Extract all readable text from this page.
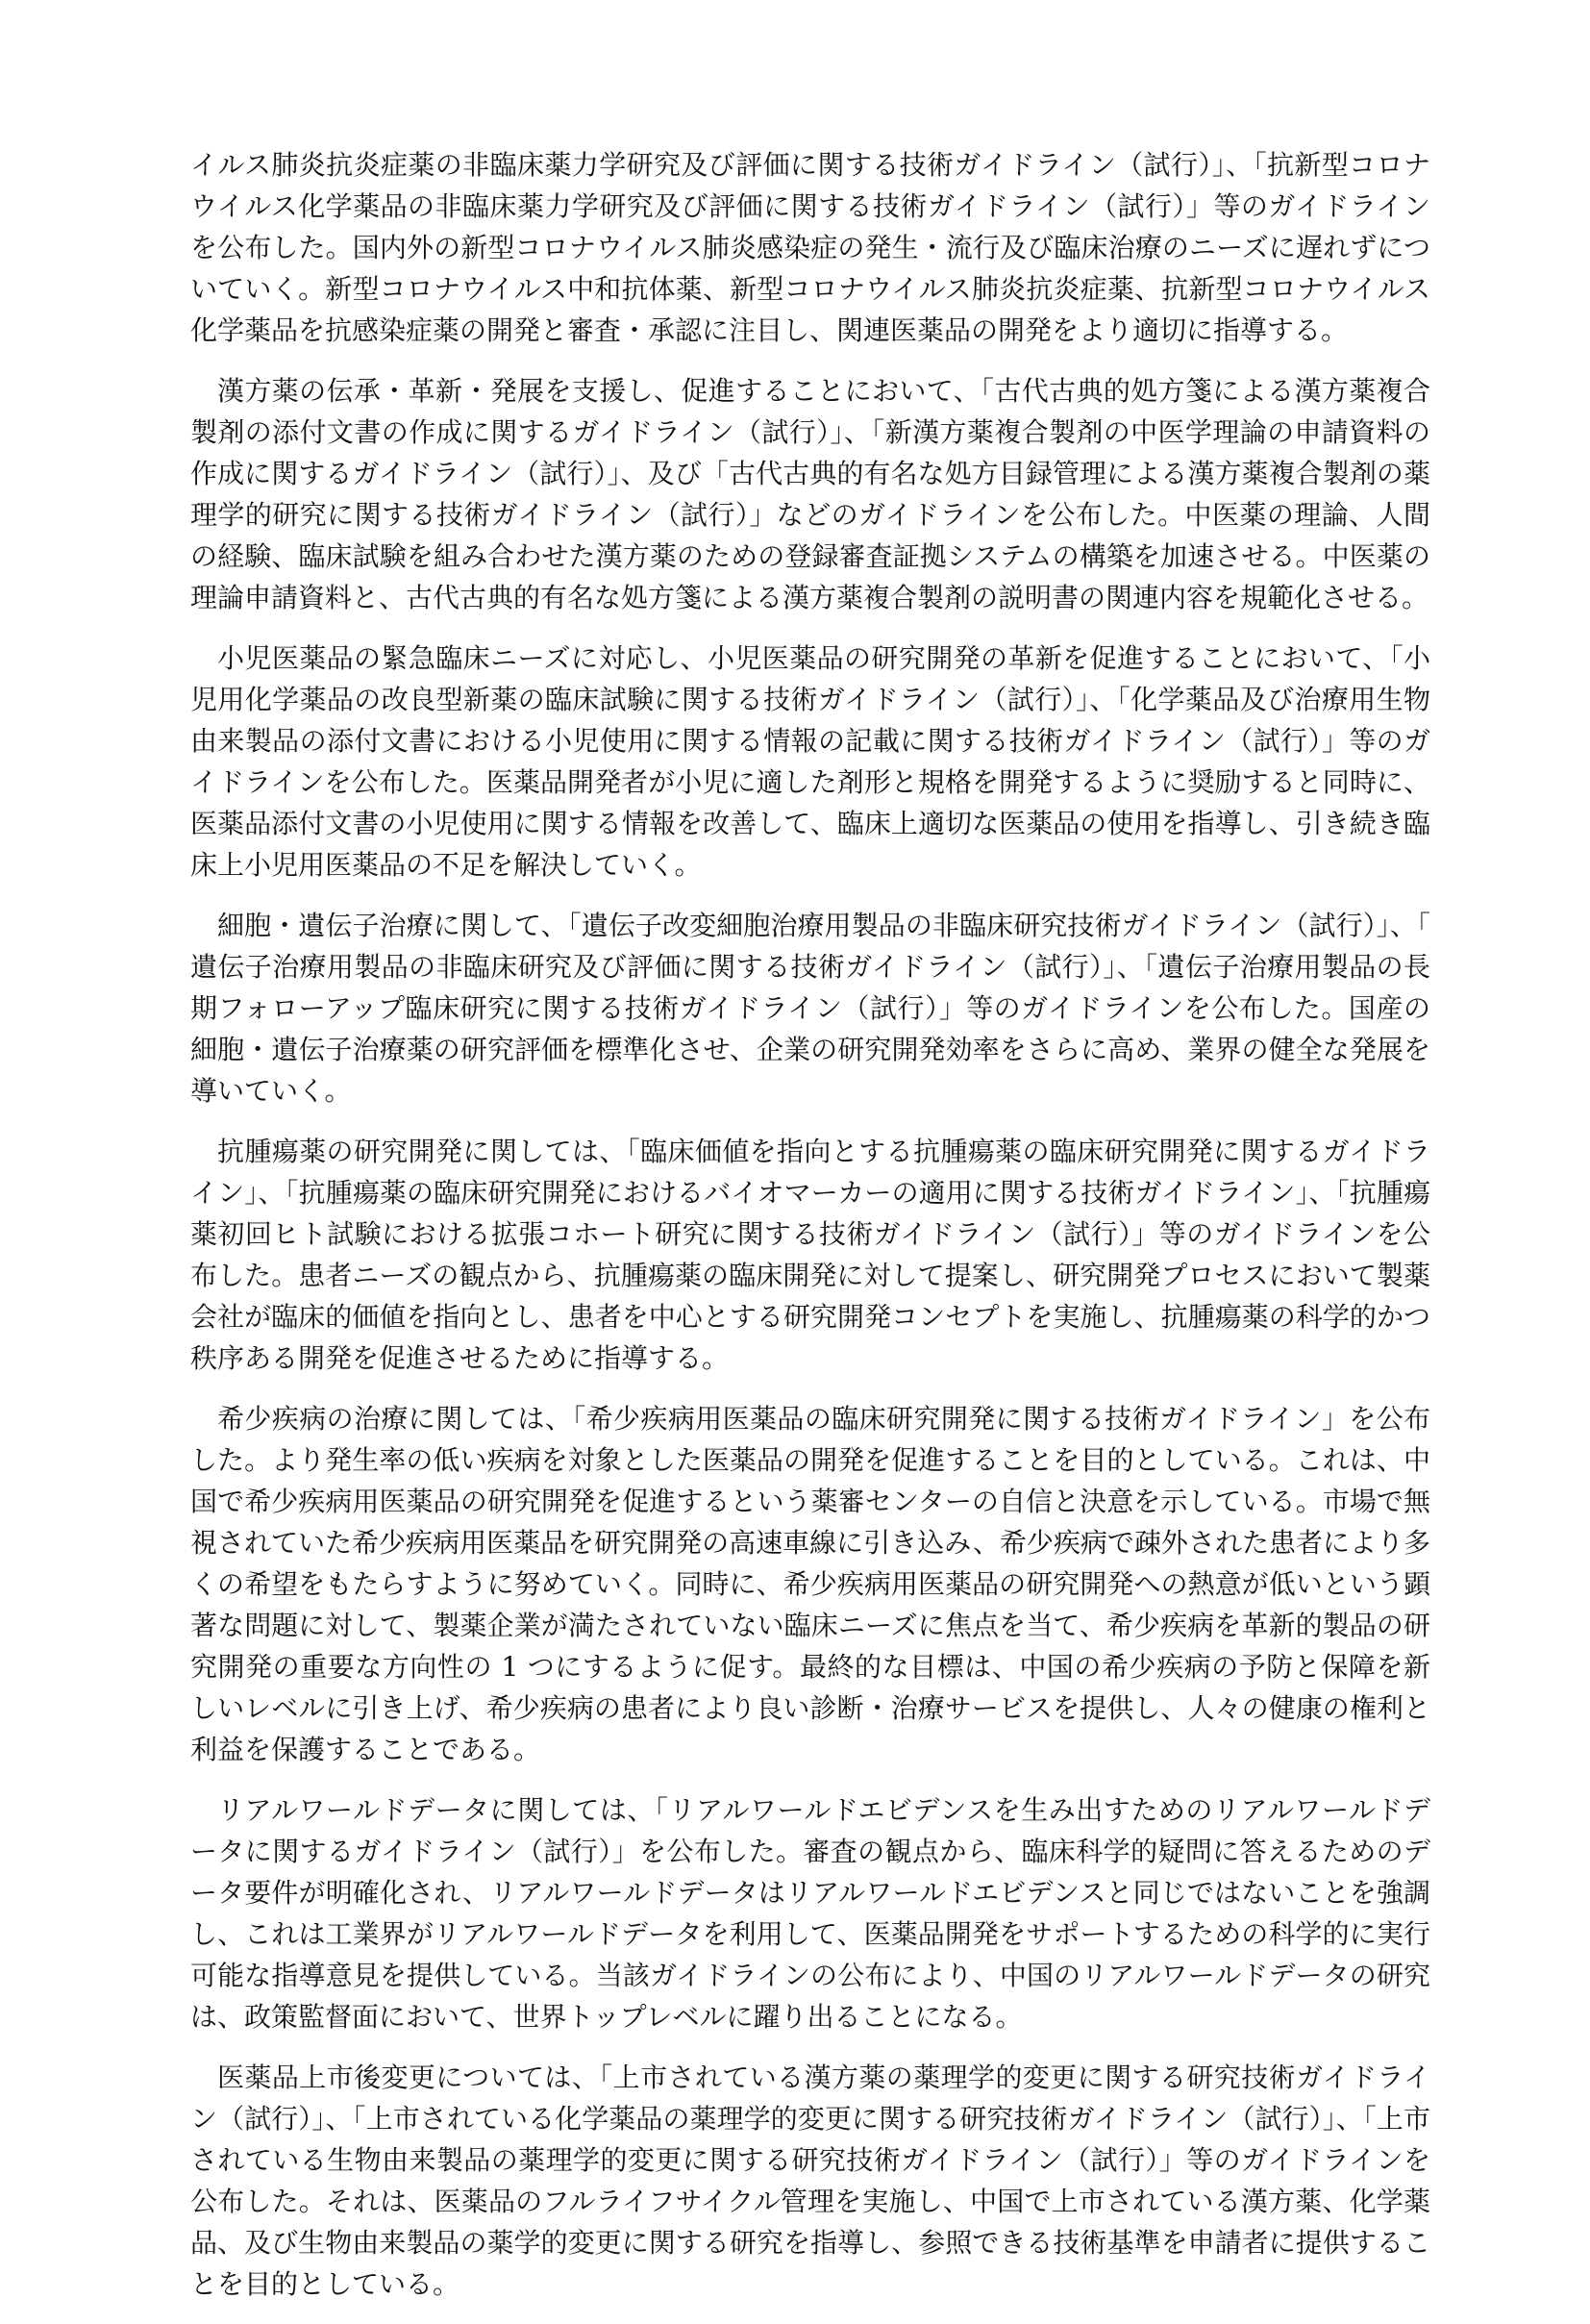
イルス肺炎抗炎症薬の非臨床薬力学研究及び評価に関する技術ガイドライン（試行）」、「抗新型コロナウイルス化学薬品の非臨床薬力学研究及び評価に関する技術ガイドライン（試行）」等のガイドラインを公布した。国内外の新型コロナウイルス肺炎感染症の発生・流行及び臨床治療のニーズに遅れずについていく。新型コロナウイルス中和抗体薬、新型コロナウイルス肺炎抗炎症薬、抗新型コロナウイルス化学薬品を抗感染症薬の開発と審査・承認に注目し、関連医薬品の開発をより適切に指導する。

漢方薬の伝承・革新・発展を支援し、促進することにおいて、「古代古典的処方箋による漢方薬複合製剤の添付文書の作成に関するガイドライン（試行）」、「新漢方薬複合製剤の中医学理論の申請資料の作成に関するガイドライン（試行）」、及び「古代古典的有名な処方目録管理による漢方薬複合製剤の薬理学的研究に関する技術ガイドライン（試行）」などのガイドラインを公布した。中医薬の理論、人間の経験、臨床試験を組み合わせた漢方薬のための登録審査証拠システムの構築を加速させる。中医薬の理論申請資料と、古代古典的有名な処方箋による漢方薬複合製剤の説明書の関連内容を規範化させる。

小児医薬品の緊急臨床ニーズに対応し、小児医薬品の研究開発の革新を促進することにおいて、「小児用化学薬品の改良型新薬の臨床試験に関する技術ガイドライン（試行）」、「化学薬品及び治療用生物由来製品の添付文書における小児使用に関する情報の記載に関する技術ガイドライン（試行）」等のガイドラインを公布した。医薬品開発者が小児に適した剤形と規格を開発するように奨励すると同時に、医薬品添付文書の小児使用に関する情報を改善して、臨床上適切な医薬品の使用を指導し、引き続き臨床上小児用医薬品の不足を解決していく。

細胞・遺伝子治療に関して、「遺伝子改変細胞治療用製品の非臨床研究技術ガイドライン（試行）」、「遺伝子治療用製品の非臨床研究及び評価に関する技術ガイドライン（試行）」、「遺伝子治療用製品の長期フォローアップ臨床研究に関する技術ガイドライン（試行）」等のガイドラインを公布した。国産の細胞・遺伝子治療薬の研究評価を標準化させ、企業の研究開発効率をさらに高め、業界の健全な発展を導いていく。

抗腫瘍薬の研究開発に関しては、「臨床価値を指向とする抗腫瘍薬の臨床研究開発に関するガイドライン」、「抗腫瘍薬の臨床研究開発におけるバイオマーカーの適用に関する技術ガイドライン」、「抗腫瘍薬初回ヒト試験における拡張コホート研究に関する技術ガイドライン（試行）」等のガイドラインを公布した。患者ニーズの観点から、抗腫瘍薬の臨床開発に対して提案し、研究開発プロセスにおいて製薬会社が臨床的価値を指向とし、患者を中心とする研究開発コンセプトを実施し、抗腫瘍薬の科学的かつ秩序ある開発を促進させるために指導する。

希少疾病の治療に関しては、「希少疾病用医薬品の臨床研究開発に関する技術ガイドライン」を公布した。より発生率の低い疾病を対象とした医薬品の開発を促進することを目的としている。これは、中国で希少疾病用医薬品の研究開発を促進するという薬審センターの自信と決意を示している。市場で無視されていた希少疾病用医薬品を研究開発の高速車線に引き込み、希少疾病で疎外された患者により多くの希望をもたらすように努めていく。同時に、希少疾病用医薬品の研究開発への熱意が低いという顕著な問題に対して、製薬企業が満たされていない臨床ニーズに焦点を当て、希少疾病を革新的製品の研究開発の重要な方向性の 1 つにするように促す。最終的な目標は、中国の希少疾病の予防と保障を新しいレベルに引き上げ、希少疾病の患者により良い診断・治療サービスを提供し、人々の健康の権利と利益を保護することである。

リアルワールドデータに関しては、「リアルワールドエビデンスを生み出すためのリアルワールドデータに関するガイドライン（試行）」を公布した。審査の観点から、臨床科学的疑問に答えるためのデータ要件が明確化され、リアルワールドデータはリアルワールドエビデンスと同じではないことを強調し、これは工業界がリアルワールドデータを利用して、医薬品開発をサポートするための科学的に実行可能な指導意見を提供している。当該ガイドラインの公布により、中国のリアルワールドデータの研究は、政策監督面において、世界トップレベルに躍り出ることになる。

医薬品上市後変更については、「上市されている漢方薬の薬理学的変更に関する研究技術ガイドライン（試行）」、「上市されている化学薬品の薬理学的変更に関する研究技術ガイドライン（試行）」、「上市されている生物由来製品の薬理学的変更に関する研究技術ガイドライン（試行）」等のガイドラインを公布した。それは、医薬品のフルライフサイクル管理を実施し、中国で上市されている漢方薬、化学薬品、及び生物由来製品の薬学的変更に関する研究を指導し、参照できる技術基準を申請者に提供することを目的としている。
